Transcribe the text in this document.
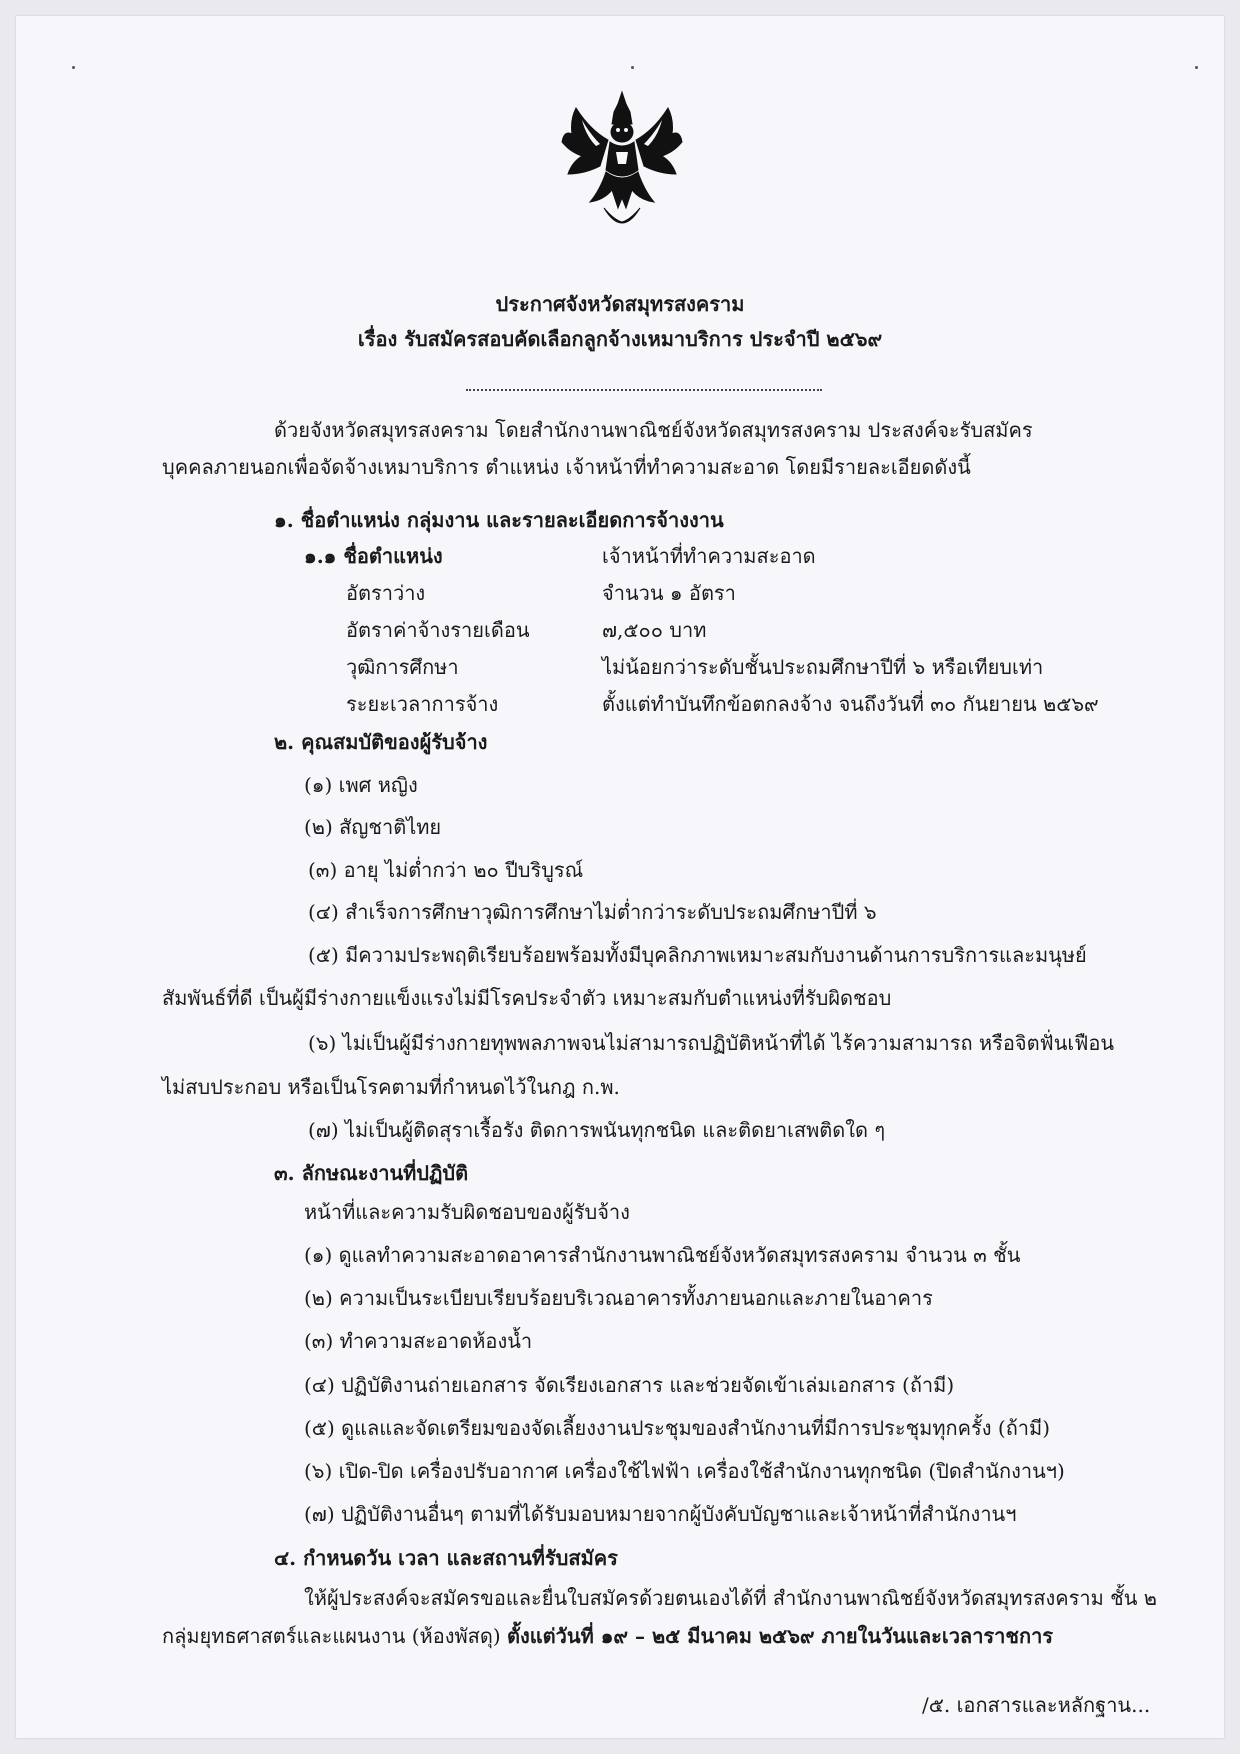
ประกาศจังหวัดสมุทรสงคราม
เรื่อง รับสมัครสอบคัดเลือกลูกจ้างเหมาบริการ ประจำปี ๒๕๖๙
ด้วยจังหวัดสมุทรสงคราม โดยสำนักงานพาณิชย์จังหวัดสมุทรสงคราม ประสงค์จะรับสมัคร
บุคคลภายนอกเพื่อจัดจ้างเหมาบริการ ตำแหน่ง เจ้าหน้าที่ทำความสะอาด โดยมีรายละเอียดดังนี้
๑. ชื่อตำแหน่ง กลุ่มงาน และรายละเอียดการจ้างงาน
๑.๑ ชื่อตำแหน่ง	เจ้าหน้าที่ทำความสะอาด
อัตราว่าง	จำนวน ๑ อัตรา
อัตราค่าจ้างรายเดือน	๗,๕๐๐ บาท
วุฒิการศึกษา	ไม่น้อยกว่าระดับชั้นประถมศึกษาปีที่ ๖ หรือเทียบเท่า
ระยะเวลาการจ้าง	ตั้งแต่ทำบันทึกข้อตกลงจ้าง จนถึงวันที่ ๓๐ กันยายน ๒๕๖๙
๒. คุณสมบัติของผู้รับจ้าง
(๑) เพศ หญิง
(๒) สัญชาติไทย
(๓) อายุ ไม่ต่ำกว่า ๒๐ ปีบริบูรณ์
(๔) สำเร็จการศึกษาวุฒิการศึกษาไม่ต่ำกว่าระดับประถมศึกษาปีที่ ๖
(๕) มีความประพฤติเรียบร้อยพร้อมทั้งมีบุคลิกภาพเหมาะสมกับงานด้านการบริการและมนุษย์
สัมพันธ์ที่ดี เป็นผู้มีร่างกายแข็งแรงไม่มีโรคประจำตัว เหมาะสมกับตำแหน่งที่รับผิดชอบ
(๖) ไม่เป็นผู้มีร่างกายทุพพลภาพจนไม่สามารถปฏิบัติหน้าที่ได้ ไร้ความสามารถ หรือจิตฟั่นเฟือน
ไม่สบประกอบ หรือเป็นโรคตามที่กำหนดไว้ในกฎ ก.พ.
(๗) ไม่เป็นผู้ติดสุราเรื้อรัง ติดการพนันทุกชนิด และติดยาเสพติดใด ๆ
๓. ลักษณะงานที่ปฏิบัติ
หน้าที่และความรับผิดชอบของผู้รับจ้าง
(๑) ดูแลทำความสะอาดอาคารสำนักงานพาณิชย์จังหวัดสมุทรสงคราม จำนวน ๓ ชั้น
(๒) ความเป็นระเบียบเรียบร้อยบริเวณอาคารทั้งภายนอกและภายในอาคาร
(๓) ทำความสะอาดห้องน้ำ
(๔) ปฏิบัติงานถ่ายเอกสาร จัดเรียงเอกสาร และช่วยจัดเข้าเล่มเอกสาร (ถ้ามี)
(๕) ดูแลและจัดเตรียมของจัดเลี้ยงงานประชุมของสำนักงานที่มีการประชุมทุกครั้ง (ถ้ามี)
(๖) เปิด-ปิด เครื่องปรับอากาศ เครื่องใช้ไฟฟ้า เครื่องใช้สำนักงานทุกชนิด (ปิดสำนักงานฯ)
(๗) ปฏิบัติงานอื่นๆ ตามที่ได้รับมอบหมายจากผู้บังคับบัญชาและเจ้าหน้าที่สำนักงานฯ
๔. กำหนดวัน เวลา และสถานที่รับสมัคร
ให้ผู้ประสงค์จะสมัครขอและยื่นใบสมัครด้วยตนเองได้ที่ สำนักงานพาณิชย์จังหวัดสมุทรสงคราม ชั้น ๒
กลุ่มยุทธศาสตร์และแผนงาน (ห้องพัสดุ) ตั้งแต่วันที่ ๑๙ – ๒๕ มีนาคม ๒๕๖๙ ภายในวันและเวลาราชการ
/๕. เอกสารและหลักฐาน...
